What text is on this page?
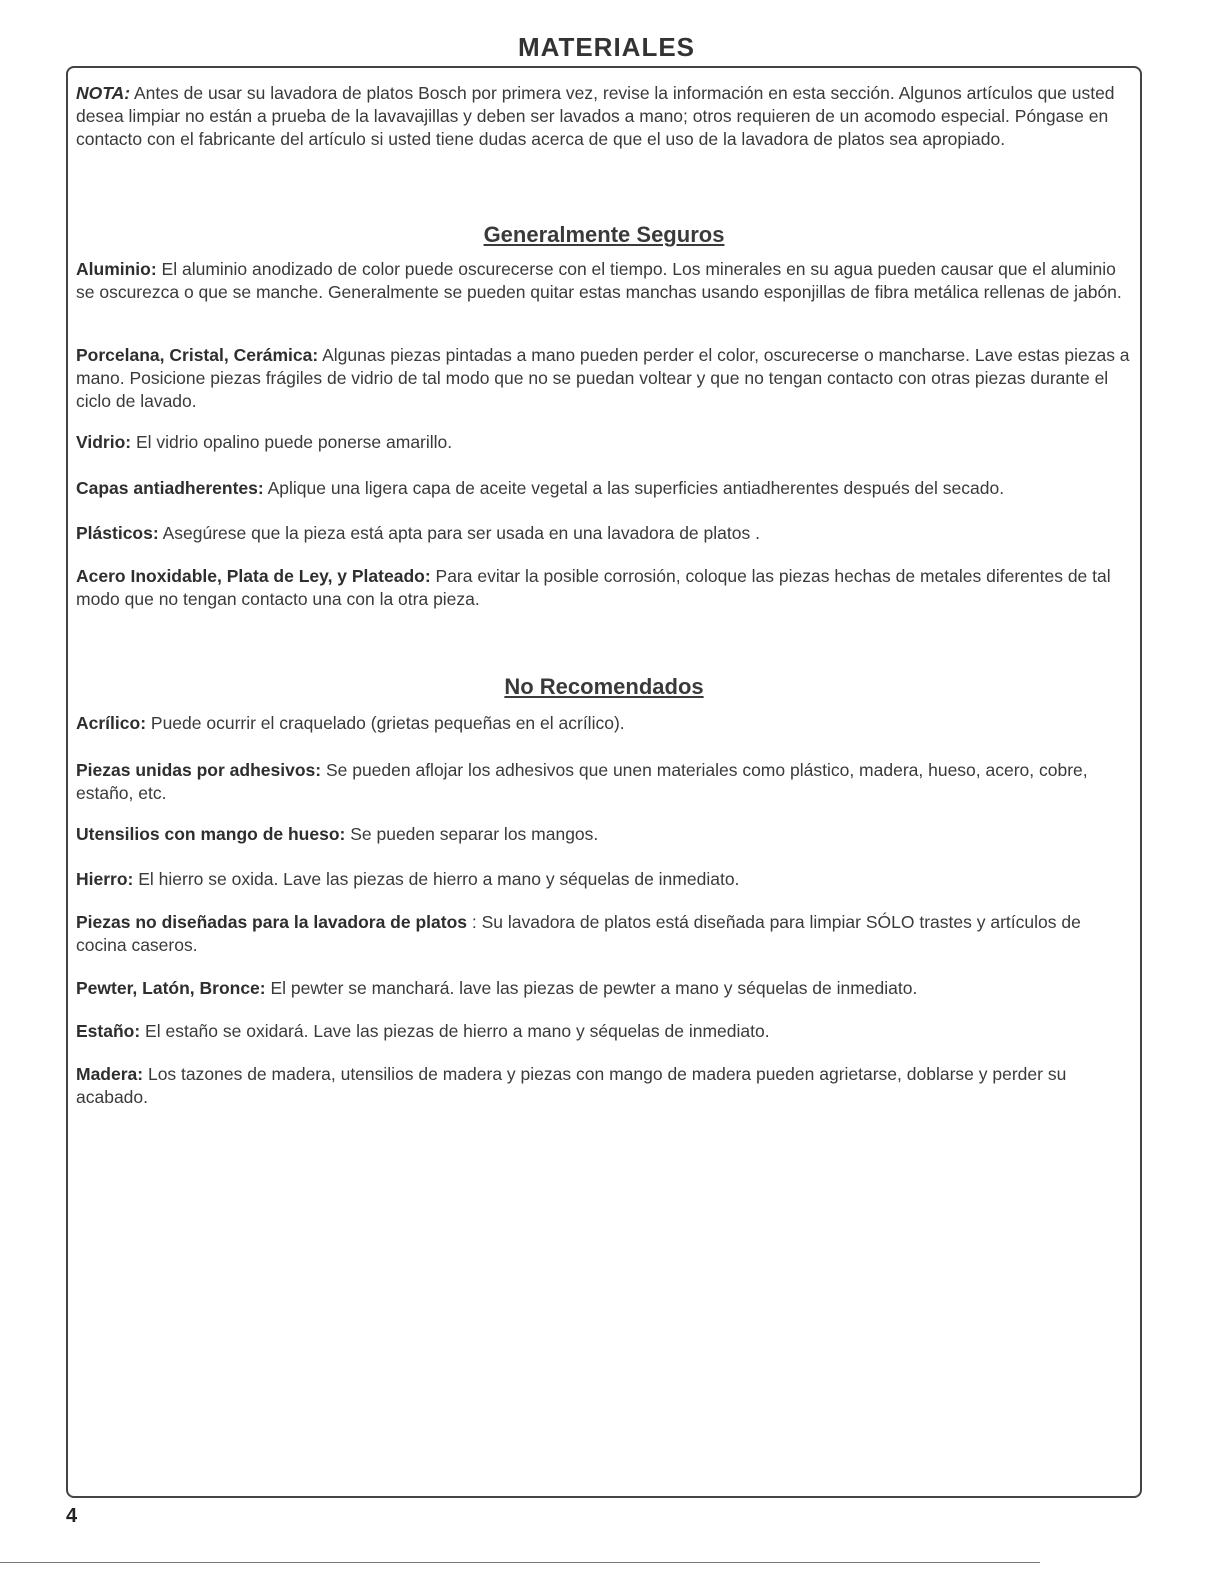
MATERIALES

NOTA: Antes de usar su lavadora de platos Bosch por primera vez, revise la información en esta sección. Algunos artículos que usted desea limpiar no están a prueba de la lavavajillas y deben ser lavados a mano; otros requieren de un acomodo especial. Póngase en contacto con el fabricante del artículo si usted tiene dudas acerca de que el uso de la lavadora de platos sea apropiado.

Generalmente Seguros

Aluminio: El aluminio anodizado de color puede oscurecerse con el tiempo. Los minerales en su agua pueden causar que el aluminio se oscurezca o que se manche. Generalmente se pueden quitar estas manchas usando esponjillas de fibra metálica rellenas de jabón.

Porcelana, Cristal, Cerámica: Algunas piezas pintadas a mano pueden perder el color, oscurecerse o mancharse. Lave estas piezas a mano. Posicione piezas frágiles de vidrio de tal modo que no se puedan voltear y que no tengan contacto con otras piezas durante el ciclo de lavado.

Vidrio: El vidrio opalino puede ponerse amarillo.

Capas antiadherentes: Aplique una ligera capa de aceite vegetal a las superficies antiadherentes después del secado.

Plásticos: Asegúrese que la pieza está apta para ser usada en una lavadora de platos .

Acero Inoxidable, Plata de Ley, y Plateado: Para evitar la posible corrosión, coloque las piezas hechas de metales diferentes de tal modo que no tengan contacto una con la otra pieza.

No Recomendados

Acrílico: Puede ocurrir el craquelado (grietas pequeñas en el acrílico).

Piezas unidas por adhesivos: Se pueden aflojar los adhesivos que unen materiales como plástico, madera, hueso, acero, cobre, estaño, etc.

Utensilios con mango de hueso: Se pueden separar los mangos.

Hierro: El hierro se oxida. Lave las piezas de hierro a mano y séquelas de inmediato.

Piezas no diseñadas para la lavadora de platos : Su lavadora de platos está diseñada para limpiar SÓLO trastes y artículos de cocina caseros.

Pewter, Latón, Bronce: El pewter se manchará. lave las piezas de pewter a mano y séquelas de inmediato.

Estaño: El estaño se oxidará. Lave las piezas de hierro a mano y séquelas de inmediato.

Madera: Los tazones de madera, utensilios de madera y piezas con mango de madera pueden agrietarse, doblarse y perder su acabado.

4
